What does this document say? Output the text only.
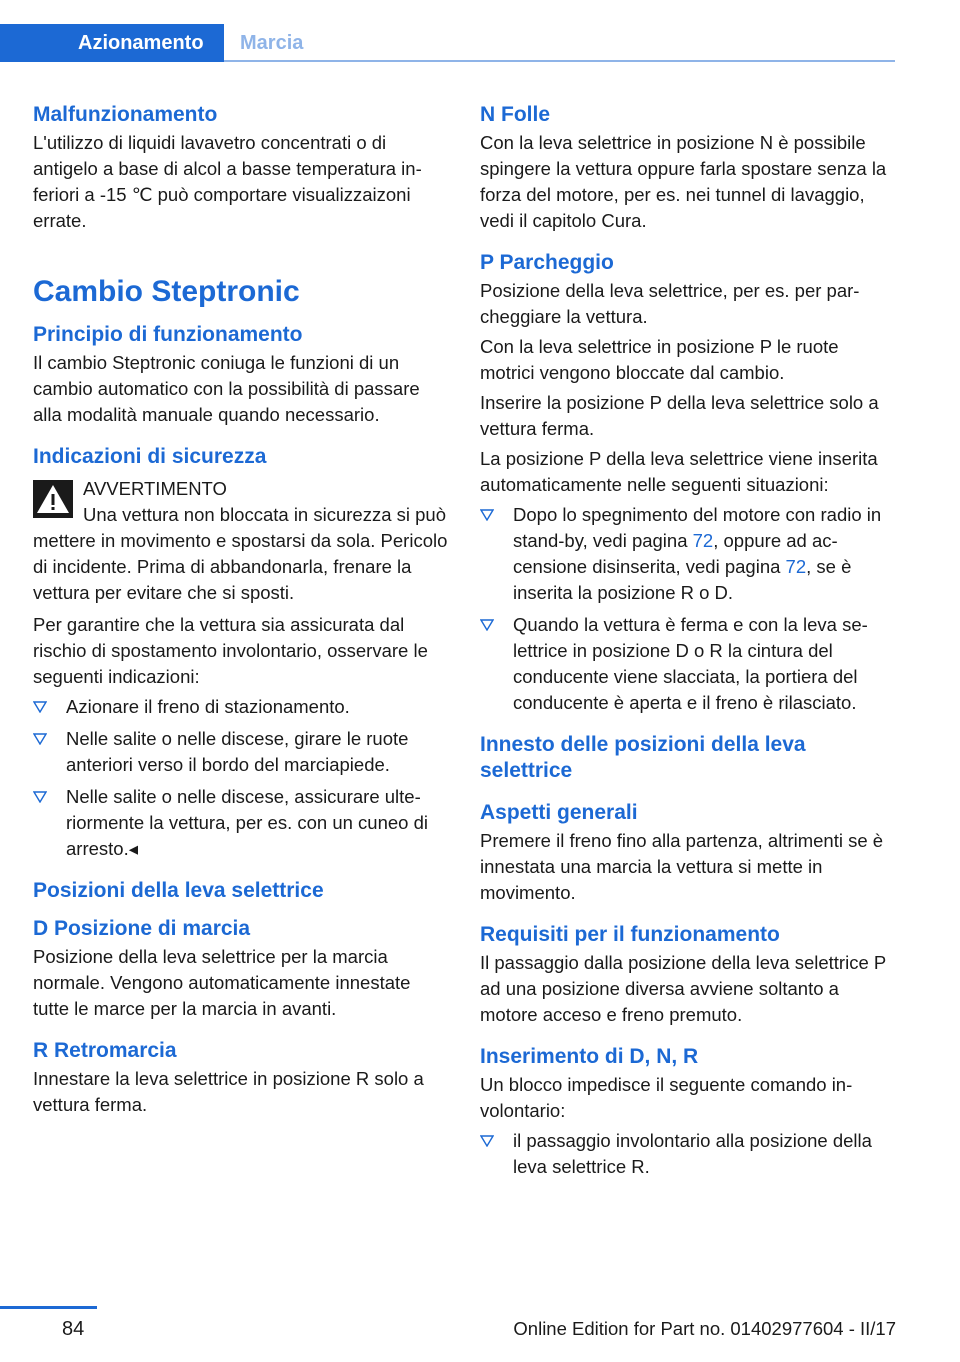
Azionamento	Marcia
Malfunzionamento

L'utilizzo di liquidi lavavetro concentrati o di antigelo a base di alcol a basse temperatura inferiori a -15 ℃ può comportare visualizzaizoni errate.

Cambio Steptronic
Principio di funzionamento

Il cambio Steptronic coniuga le funzioni di un cambio automatico con la possibilità di passare alla modalità manuale quando necessario.

Indicazioni di sicurezza
AVVERTIMENTO
Una vettura non bloccata in sicurezza si può mettere in movimento e spostarsi da sola. Pericolo di incidente. Prima di abbandonarla, frenare la vettura per evitare che si sposti.

Per garantire che la vettura sia assicurata dal rischio di spostamento involontario, osservare le seguenti indicazioni:

Azionare il freno di stazionamento.
Nelle salite o nelle discese, girare le ruote anteriori verso il bordo del marciapiede.
Nelle salite o nelle discese, assicurare ulteriormente la vettura, per es. con un cuneo di arresto.◂
Posizioni della leva selettrice
D Posizione di marcia

Posizione della leva selettrice per la marcia normale. Vengono automaticamente innestate tutte le marce per la marcia in avanti.

R Retromarcia

Innestare la leva selettrice in posizione R solo a vettura ferma.

N Folle

Con la leva selettrice in posizione N è possibile spingere la vettura oppure farla spostare senza la forza del motore, per es. nei tunnel di lavaggio, vedi il capitolo Cura.

P Parcheggio

Posizione della leva selettrice, per es. per parcheggiare la vettura.

Con la leva selettrice in posizione P le ruote motrici vengono bloccate dal cambio.

Inserire la posizione P della leva selettrice solo a vettura ferma.

La posizione P della leva selettrice viene inserita automaticamente nelle seguenti situazioni:

Dopo lo spegnimento del motore con radio in stand-by, vedi pagina 72, oppure ad accensione disinserita, vedi pagina 72, se è inserita la posizione R o D.
Quando la vettura è ferma e con la leva selettrice in posizione D o R la cintura del conducente viene slacciata, la portiera del conducente è aperta e il freno è rilasciato.
Innesto delle posizioni della leva selettrice
Aspetti generali

Premere il freno fino alla partenza, altrimenti se è innestata una marcia la vettura si mette in movimento.

Requisiti per il funzionamento

Il passaggio dalla posizione della leva selettrice P ad una posizione diversa avviene soltanto a motore acceso e freno premuto.

Inserimento di D, N, R

Un blocco impedisce il seguente comando involontario:

il passaggio involontario alla posizione della leva selettrice R.
84	Online Edition for Part no. 01402977604 - II/17
